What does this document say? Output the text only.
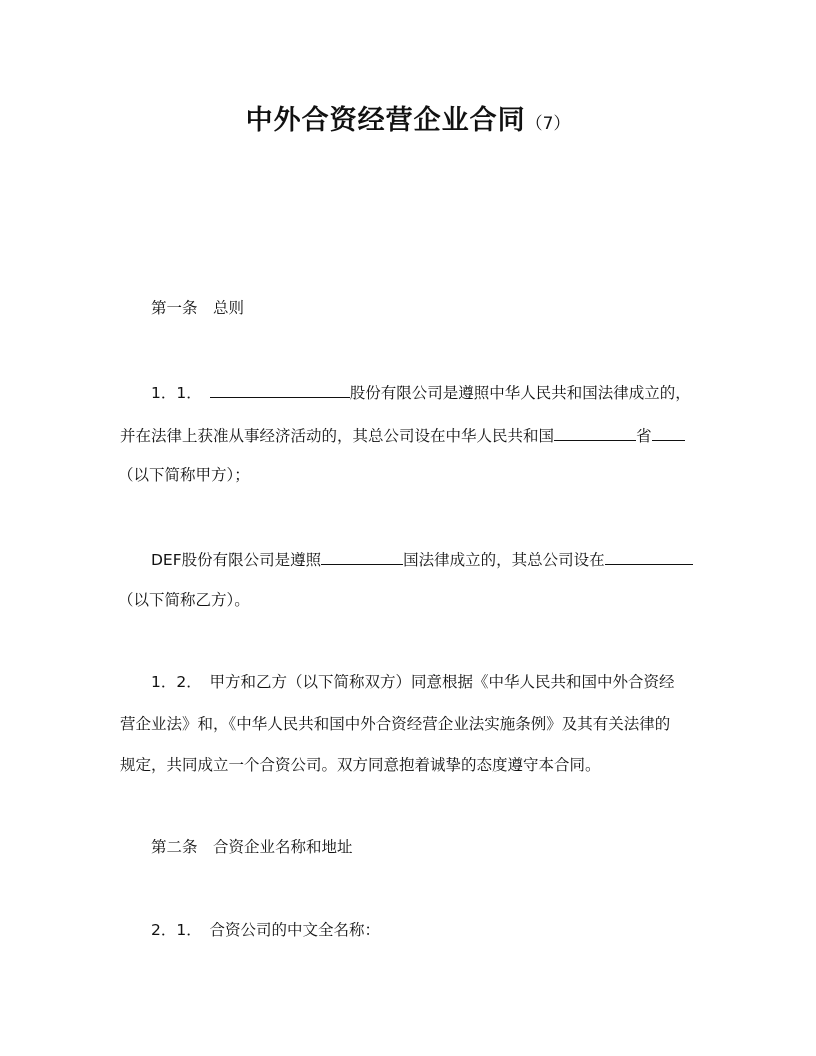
中外合资经营企业合同（7）
第一条　总则
1．1．	股份有限公司是遵照中华人民共和国法律成立的，
并在法律上获准从事经济活动的，其总公司设在中华人民共和国	省
（以下简称甲方）；
DEF股份有限公司是遵照	国法律成立的，其总公司设在
（以下简称乙方）。
1．2．　甲方和乙方（以下简称双方）同意根据《中华人民共和国中外合资经
营企业法》和，《中华人民共和国中外合资经营企业法实施条例》及其有关法律的
规定，共同成立一个合资公司。双方同意抱着诚挚的态度遵守本合同。
第二条　合资企业名称和地址
2．1．　合资公司的中文全名称：
